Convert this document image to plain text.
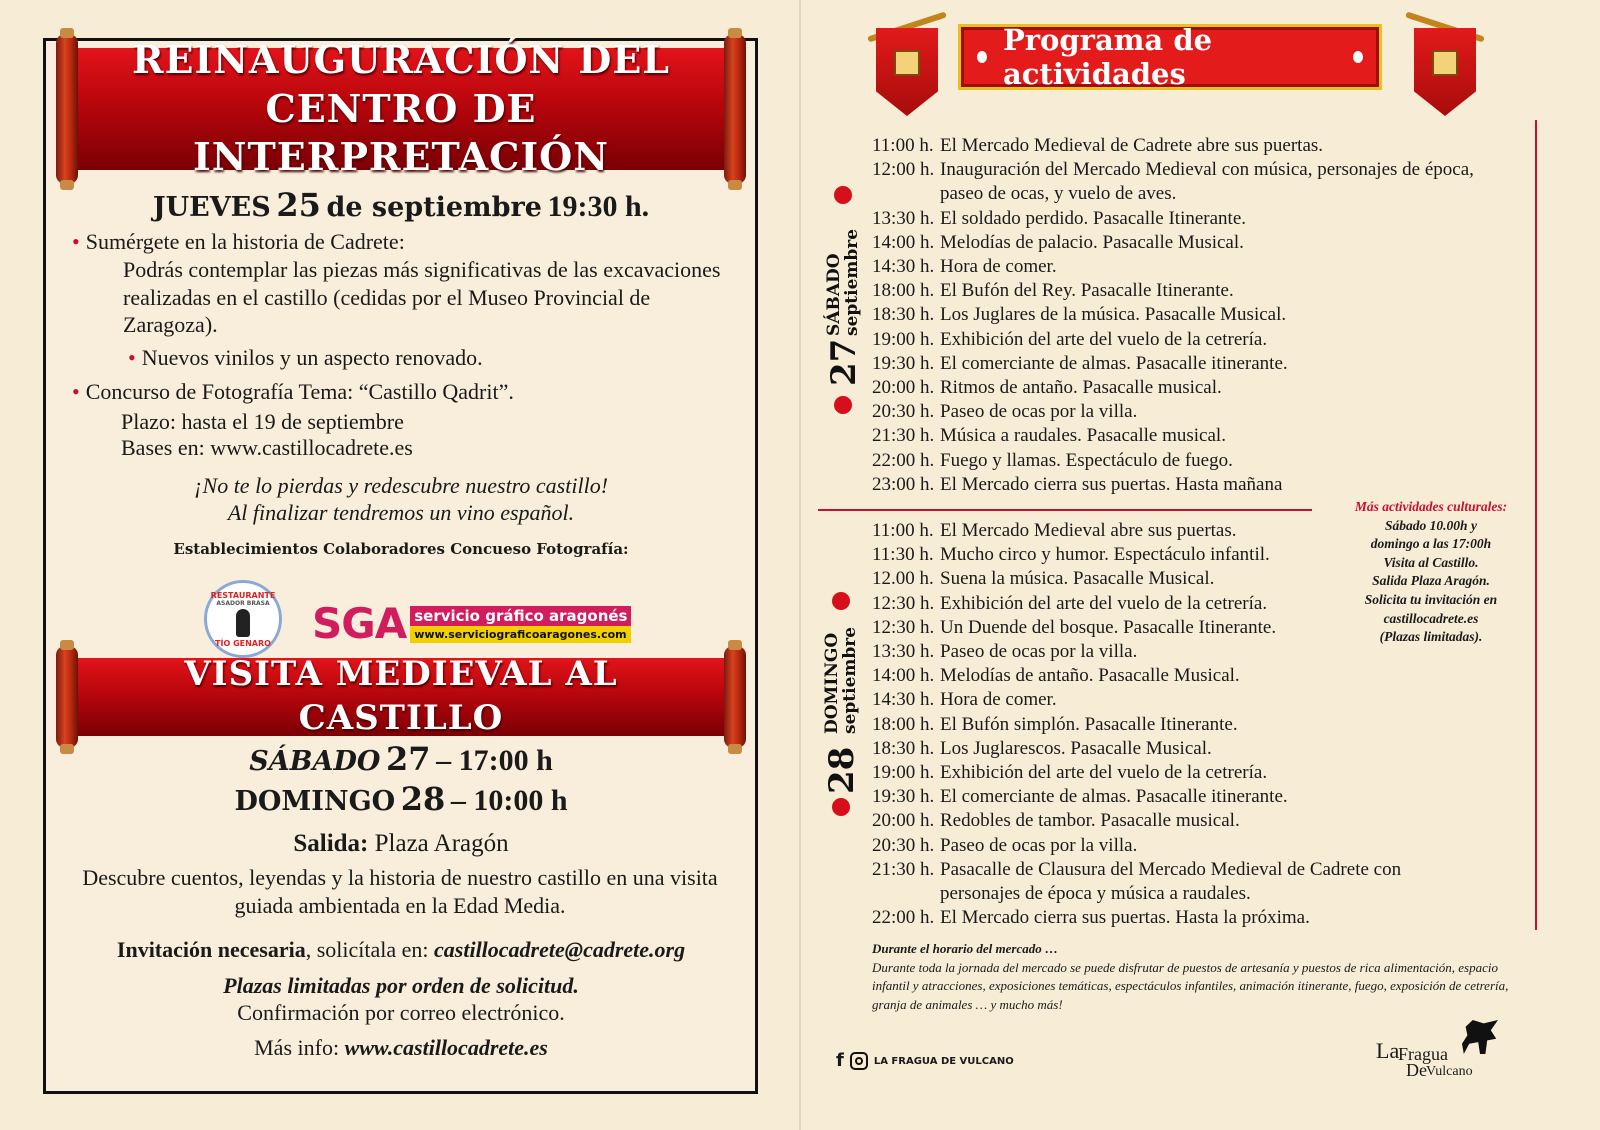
REINAUGURACIÓN DEL
CENTRO DE INTERPRETACIÓN
JUEVES 25 de septiembre 19:30 h.
• Sumérgete en la historia de Cadrete:
Podrás contemplar las piezas más significativas de las excavaciones realizadas en el castillo (cedidas por el Museo Provincial de Zaragoza).
• Nuevos vinilos y un aspecto renovado.
• Concurso de Fotografía Tema: “Castillo Qadrit”.
Plazo: hasta el 19 de septiembre
Bases en: www.castillocadrete.es
¡No te lo pierdas y redescubre nuestro castillo!
Al finalizar tendremos un vino español.
Establecimientos Colaboradores Concueso Fotografía:
RESTAURANTE
ASADOR BRASA
TÍO GENARO SGA servicio gráfico aragonés
www.serviciograficoaragones.com
VISITA MEDIEVAL AL CASTILLO
SÁBADO 27 – 17:00 h
DOMINGO 28 – 10:00 h
Salida: Plaza Aragón
Descubre cuentos, leyendas y la historia de nuestro castillo en una visita guiada ambientada en la Edad Media.
Invitación necesaria, solicítala en: castillocadrete@cadrete.org
Plazas limitadas por orden de solicitud.
Confirmación por correo electrónico.
Más info: www.castillocadrete.es
Programa de actividades
27
SÁBADO
septiembre
28
DOMINGO
septiembre
11:00 h. El Mercado Medieval de Cadrete abre sus puertas.
12:00 h. Inauguración del Mercado Medieval con música, personajes de época, paseo de ocas, y vuelo de aves.
13:30 h. El soldado perdido. Pasacalle Itinerante.
14:00 h. Melodías de palacio. Pasacalle Musical.
14:30 h. Hora de comer.
18:00 h. El Bufón del Rey. Pasacalle Itinerante.
18:30 h. Los Juglares de la música. Pasacalle Musical.
19:00 h. Exhibición del arte del vuelo de la cetrería.
19:30 h. El comerciante de almas. Pasacalle itinerante.
20:00 h. Ritmos de antaño. Pasacalle musical.
20:30 h. Paseo de ocas por la villa.
21:30 h. Música a raudales. Pasacalle musical.
22:00 h. Fuego y llamas. Espectáculo de fuego.
23:00 h. El Mercado cierra sus puertas. Hasta mañana
11:00 h. El Mercado Medieval abre sus puertas.
11:30 h. Mucho circo y humor. Espectáculo infantil.
12.00 h. Suena la música. Pasacalle Musical.
12:30 h. Exhibición del arte del vuelo de la cetrería.
12:30 h. Un Duende del bosque. Pasacalle Itinerante.
13:30 h. Paseo de ocas por la villa.
14:00 h. Melodías de antaño. Pasacalle Musical.
14:30 h. Hora de comer.
18:00 h. El Bufón simplón. Pasacalle Itinerante.
18:30 h. Los Juglarescos. Pasacalle Musical.
19:00 h. Exhibición del arte del vuelo de la cetrería.
19:30 h. El comerciante de almas. Pasacalle itinerante.
20:00 h. Redobles de tambor. Pasacalle musical.
20:30 h. Paseo de ocas por la villa.
21:30 h. Pasacalle de Clausura del Mercado Medieval de Cadrete con personajes de época y música a raudales.
22:00 h. El Mercado cierra sus puertas. Hasta la próxima.
Más actividades culturales:
Sábado 10.00h y
domingo a las 17:00h
Visita al Castillo.
Salida Plaza Aragón.
Solicita tu invitación en
castillocadrete.es
(Plazas limitadas).
Durante el horario del mercado …
Durante toda la jornada del mercado se puede disfrutar de puestos de artesanía y puestos de rica alimentación, espacio infantil y atracciones, exposiciones temáticas, espectáculos infantiles, animación itinerante, fuego, exposición de cetrería, granja de animales … y mucho más!
f	LA FRAGUA DE VULCANO	La
Fragua
De Vulcano
